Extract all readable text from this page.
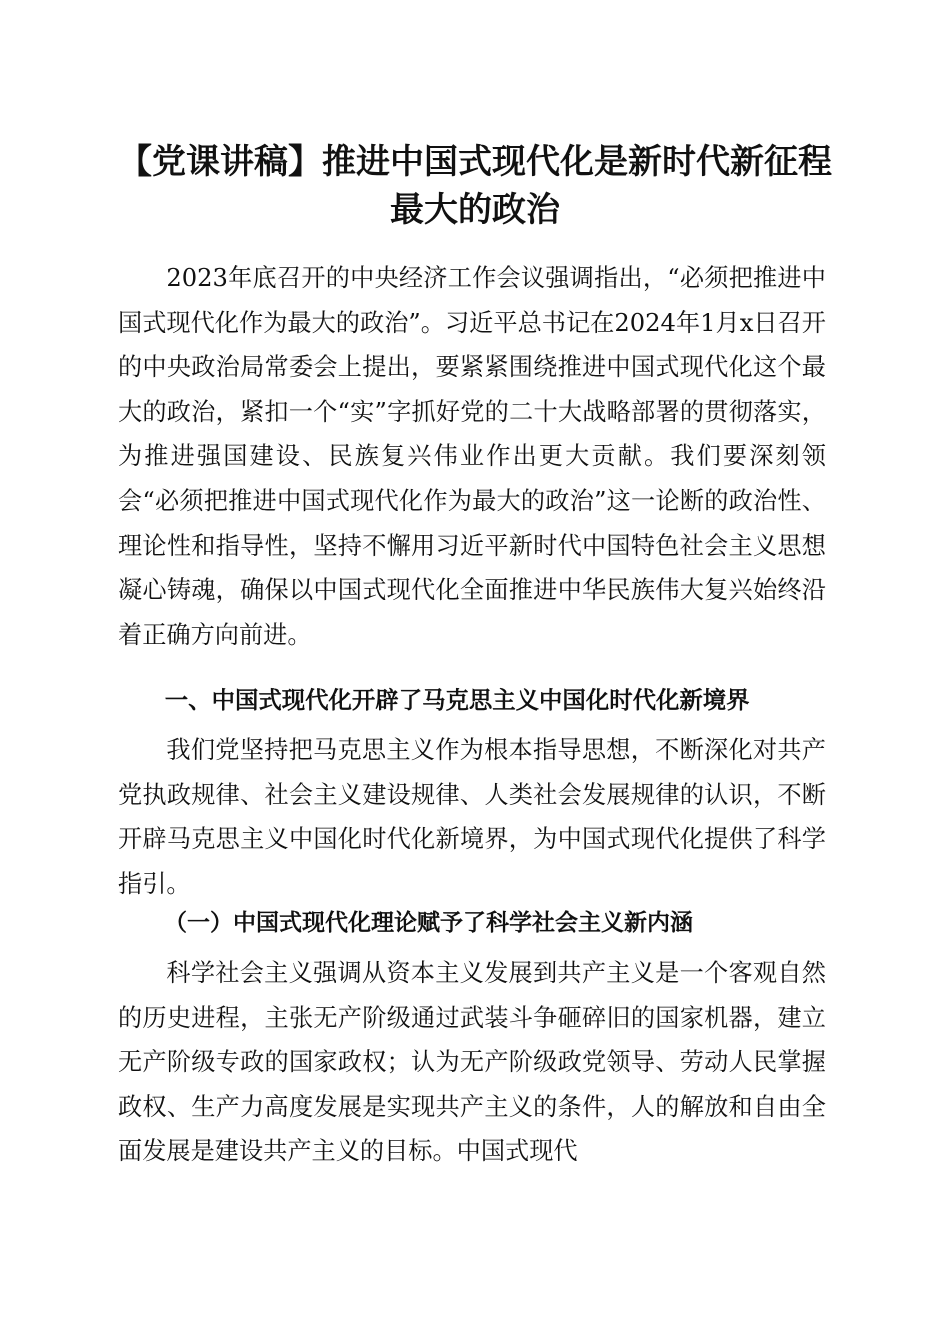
【党课讲稿】推进中国式现代化是新时代新征程最大的政治

2023年底召开的中央经济工作会议强调指出，“必须把推进中国式现代化作为最大的政治”。习近平总书记在2024年1月x日召开的中央政治局常委会上提出，要紧紧围绕推进中国式现代化这个最大的政治，紧扣一个“实”字抓好党的二十大战略部署的贯彻落实，为推进强国建设、民族复兴伟业作出更大贡献。我们要深刻领会“必须把推进中国式现代化作为最大的政治”这一论断的政治性、理论性和指导性，坚持不懈用习近平新时代中国特色社会主义思想凝心铸魂，确保以中国式现代化全面推进中华民族伟大复兴始终沿着正确方向前进。

一、中国式现代化开辟了马克思主义中国化时代化新境界

我们党坚持把马克思主义作为根本指导思想，不断深化对共产党执政规律、社会主义建设规律、人类社会发展规律的认识，不断开辟马克思主义中国化时代化新境界，为中国式现代化提供了科学指引。

（一）中国式现代化理论赋予了科学社会主义新内涵

科学社会主义强调从资本主义发展到共产主义是一个客观自然的历史进程，主张无产阶级通过武装斗争砸碎旧的国家机器，建立无产阶级专政的国家政权；认为无产阶级政党领导、劳动人民掌握政权、生产力高度发展是实现共产主义的条件，人的解放和自由全面发展是建设共产主义的目标。中国式现代
